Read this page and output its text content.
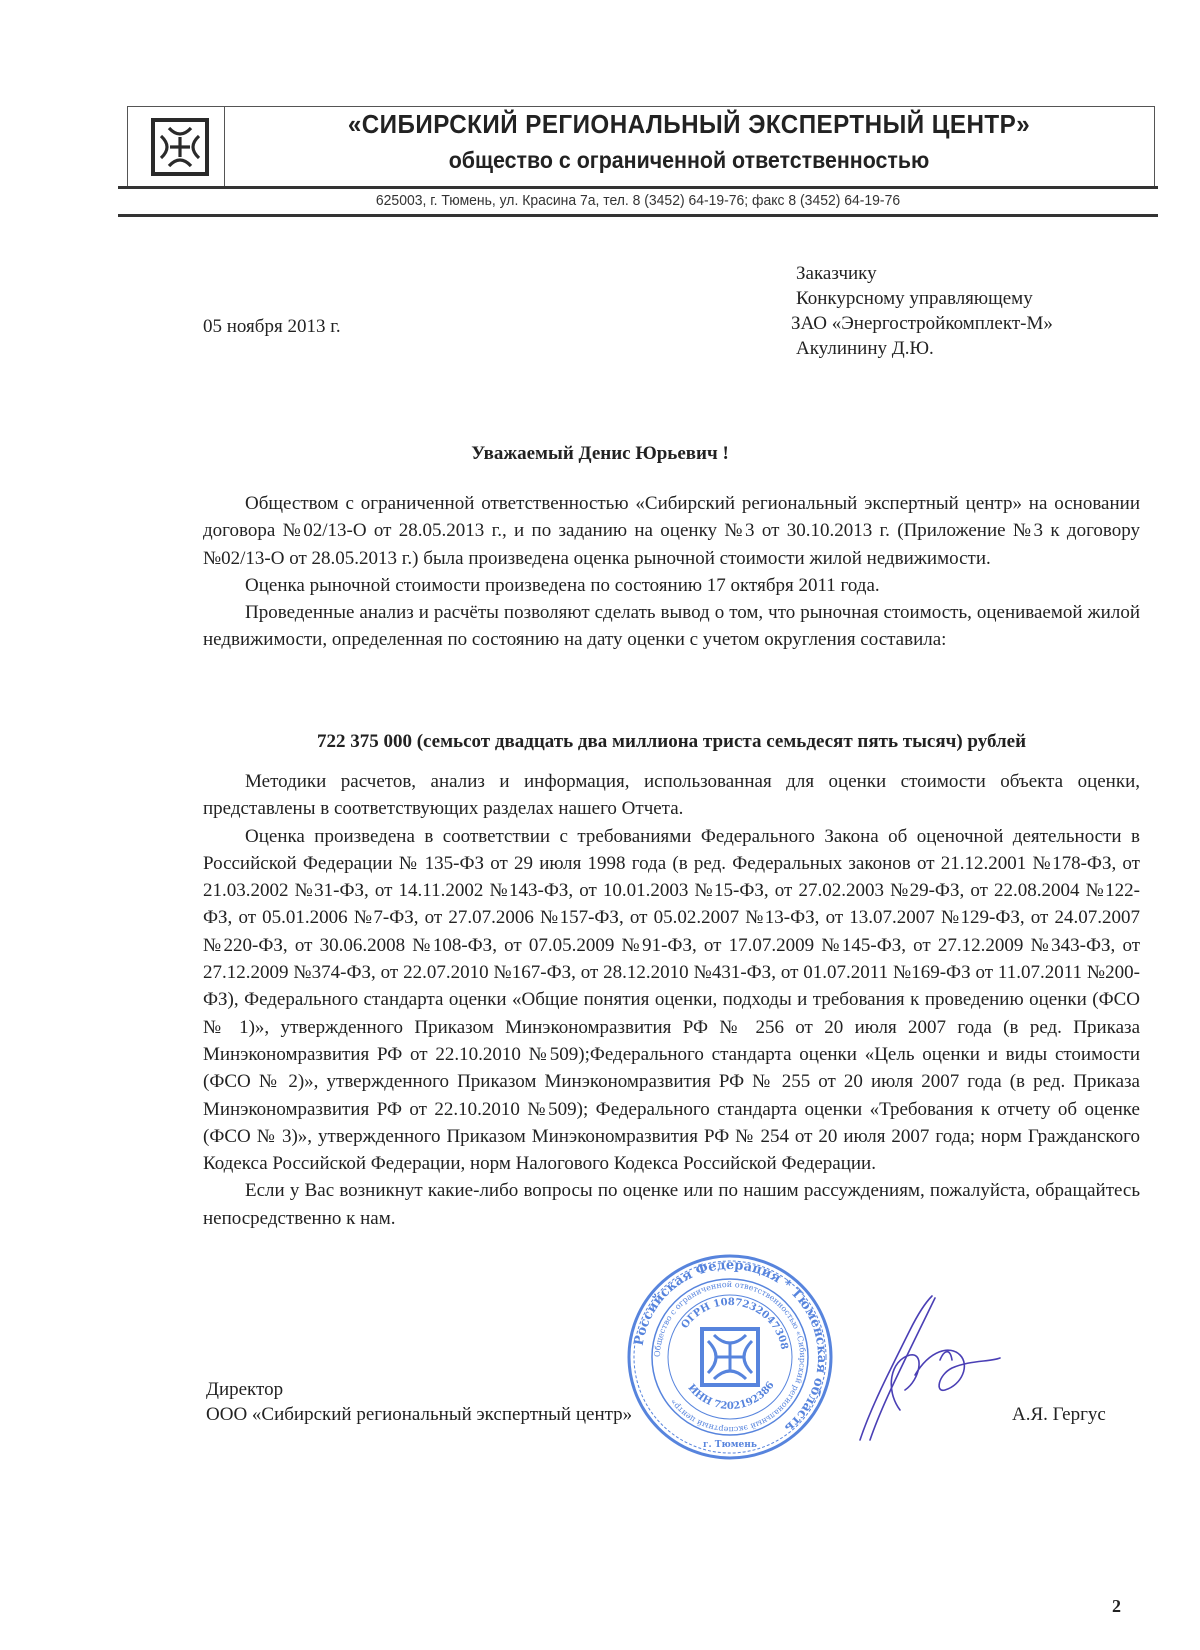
«СИБИРСКИЙ РЕГИОНАЛЬНЫЙ ЭКСПЕРТНЫЙ ЦЕНТР»
общество с ограниченной ответственностью
625003, г. Тюмень, ул. Красина 7а, тел. 8 (3452) 64-19-76; факс 8 (3452) 64-19-76
05 ноября 2013 г.
Заказчику
Конкурсному управляющему
ЗАО «Энергостройкомплект-М»
Акулинину Д.Ю.
Уважаемый Денис Юрьевич !

Обществом с ограниченной ответственностью «Сибирский региональный экспертный центр» на основании договора №02/13-О от 28.05.2013 г., и по заданию на оценку №3 от 30.10.2013 г. (Приложение №3 к договору №02/13-О от 28.05.2013 г.) была произведена оценка рыночной стоимости жилой недвижимости.

Оценка рыночной стоимости произведена по состоянию 17 октября 2011 года.

Проведенные анализ и расчёты позволяют сделать вывод о том, что рыночная стоимость, оцениваемой жилой недвижимости, определенная по состоянию на дату оценки с учетом округления составила:

722 375 000 (семьсот двадцать два миллиона триста семьдесят пять тысяч) рублей

Методики расчетов, анализ и информация, использованная для оценки стоимости объекта оценки, представлены в соответствующих разделах нашего Отчета.

Оценка произведена в соответствии с требованиями Федерального Закона об оценочной деятельности в Российской Федерации № 135-ФЗ от 29 июля 1998 года (в ред. Федеральных законов от 21.12.2001 №178-ФЗ, от 21.03.2002 №31-ФЗ, от 14.11.2002 №143-ФЗ, от 10.01.2003 №15-ФЗ, от 27.02.2003 №29-ФЗ, от 22.08.2004 №122-ФЗ, от 05.01.2006 №7-ФЗ, от 27.07.2006 №157-ФЗ, от 05.02.2007 №13-ФЗ, от 13.07.2007 №129-ФЗ, от 24.07.2007 №220-ФЗ, от 30.06.2008 №108-ФЗ, от 07.05.2009 №91-ФЗ, от 17.07.2009 №145-ФЗ, от 27.12.2009 №343-ФЗ, от 27.12.2009 №374-ФЗ, от 22.07.2010 №167-ФЗ, от 28.12.2010 №431-ФЗ, от 01.07.2011 №169-ФЗ от 11.07.2011 №200-ФЗ), Федерального стандарта оценки «Общие понятия оценки, подходы и требования к проведению оценки (ФСО № 1)», утвержденного Приказом Минэкономразвития РФ № 256 от 20 июля 2007 года (в ред. Приказа Минэкономразвития РФ от 22.10.2010 №509);Федерального стандарта оценки «Цель оценки и виды стоимости (ФСО № 2)», утвержденного Приказом Минэкономразвития РФ № 255 от 20 июля 2007 года (в ред. Приказа Минэкономразвития РФ от 22.10.2010 №509); Федерального стандарта оценки «Требования к отчету об оценке (ФСО № 3)», утвержденного Приказом Минэкономразвития РФ № 254 от 20 июля 2007 года; норм Гражданского Кодекса Российской Федерации, норм Налогового Кодекса Российской Федерации.

Если у Вас возникнут какие-либо вопросы по оценке или по нашим рассуждениям, пожалуйста, обращайтесь непосредственно к нам.

Российская Федерация * Тюменская область
Общество с ограниченной ответственностью «Сибирский региональный экспертный центр»
ОГРН 1087232047308
ИНН 7202192386
г. Тюмень
Директор
ООО «Сибирский региональный экспертный центр»	А.Я. Гергус
2
